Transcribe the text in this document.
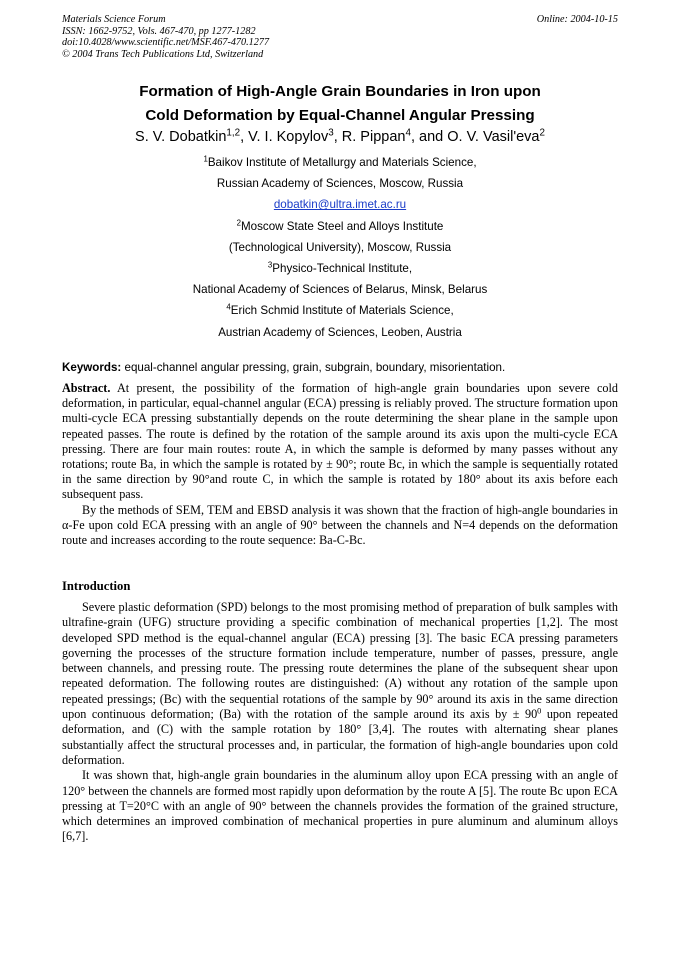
Materials Science Forum
ISSN: 1662-9752, Vols. 467-470, pp 1277-1282
doi:10.4028/www.scientific.net/MSF.467-470.1277
© 2004 Trans Tech Publications Ltd, Switzerland
Online: 2004-10-15
Formation of High-Angle Grain Boundaries in Iron upon
Cold Deformation by Equal-Channel Angular Pressing
S. V. Dobatkin$^{1,2}$, V. I. Kopylov$^3$, R. Pippan$^4$, and O. V. Vasil'eva$^2$
$^1$Baikov Institute of Metallurgy and Materials Science,
Russian Academy of Sciences, Moscow, Russia
dobatkin@ultra.imet.ac.ru
$^2$Moscow State Steel and Alloys Institute
(Technological University), Moscow, Russia
$^3$Physico-Technical Institute,
National Academy of Sciences of Belarus, Minsk, Belarus
$^4$Erich Schmid Institute of Materials Science,
Austrian Academy of Sciences, Leoben, Austria
Keywords: equal-channel angular pressing, grain, subgrain, boundary, misorientation.

Abstract. At present, the possibility of the formation of high-angle grain boundaries upon severe cold deformation, in particular, equal-channel angular (ECA) pressing is reliably proved. The structure formation upon multi-cycle ECA pressing substantially depends on the route determining the shear plane in the sample upon repeated passes. The route is defined by the rotation of the sample around its axis upon the multi-cycle ECA pressing. There are four main routes: route A, in which the sample is deformed by many passes without any rotations; route Ba, in which the sample is rotated by ± 90°; route Bc, in which the sample is sequentially rotated in the same direction by 90°and route C, in which the sample is rotated by 180° about its axis before each subsequent pass.

By the methods of SEM, TEM and EBSD analysis it was shown that the fraction of high-angle boundaries in α-Fe upon cold ECA pressing with an angle of 90° between the channels and N=4 depends on the deformation route and increases according to the route sequence: Ba-C-Bc.

Introduction

Severe plastic deformation (SPD) belongs to the most promising method of preparation of bulk samples with ultrafine-grain (UFG) structure providing a specific combination of mechanical properties [1,2]. The most developed SPD method is the equal-channel angular (ECA) pressing [3]. The basic ECA pressing parameters governing the processes of the structure formation include temperature, number of passes, pressure, angle between channels, and pressing route. The pressing route determines the plane of the subsequent shear upon repeated deformation. The following routes are distinguished: (A) without any rotation of the sample upon repeated pressings; (Bc) with the sequential rotations of the sample by 90° around its axis in the same direction upon continuous deformation; (Ba) with the rotation of the sample around its axis by ± $90^0$ upon repeated deformation, and (C) with the sample rotation by 180° [3,4]. The routes with alternating shear planes substantially affect the structural processes and, in particular, the formation of high-angle boundaries upon cold deformation.

It was shown that, high-angle grain boundaries in the aluminum alloy upon ECA pressing with an angle of 120° between the channels are formed most rapidly upon deformation by the route A [5]. The route Bc upon ECA pressing at T=20°C with an angle of 90° between the channels provides the formation of the grained structure, which determines an improved combination of mechanical properties in pure aluminum and aluminum alloys [6,7].
